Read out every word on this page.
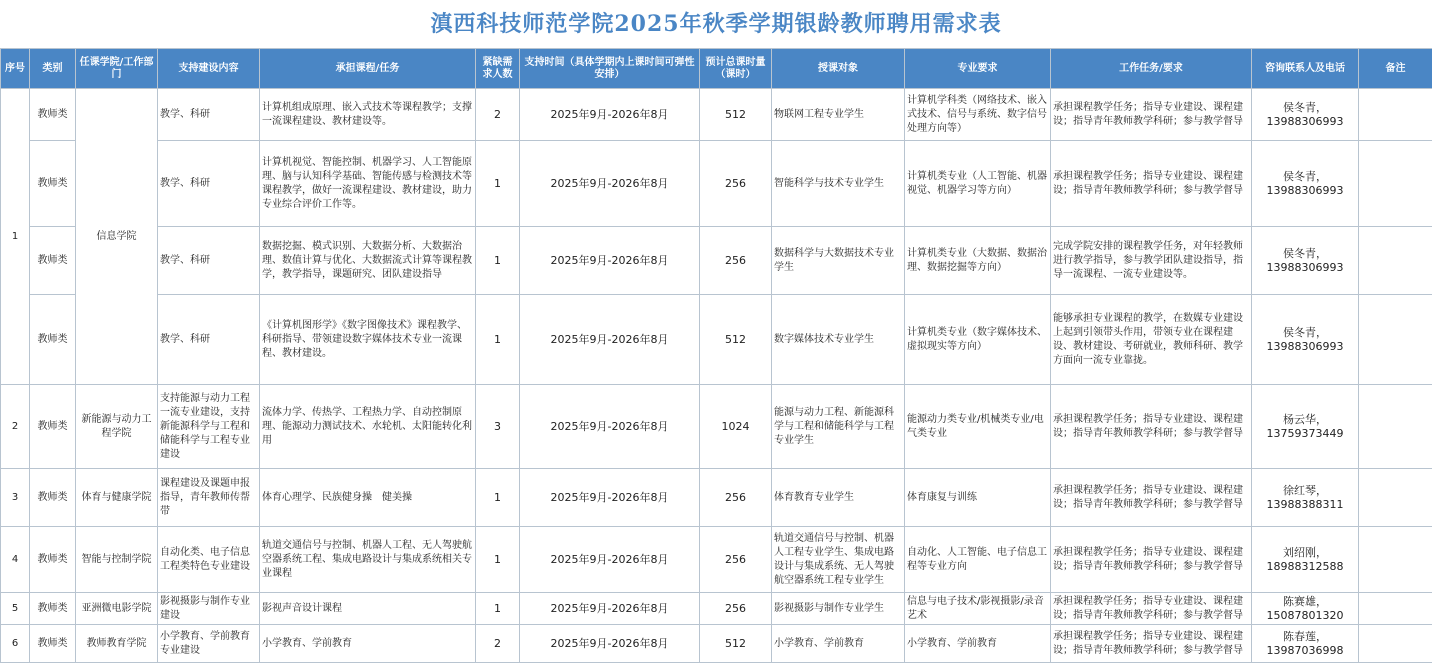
滇西科技师范学院2025年秋季学期银龄教师聘用需求表
序号	类别	任课学院/工作部门	支持建设内容	承担课程/任务	紧缺需求人数	支持时间（具体学期内上课时间可弹性安排）	预计总课时量（课时）	授课对象	专业要求	工作任务/要求	咨询联系人及电话	备注
1	教师类	信息学院	教学、科研	计算机组成原理、嵌入式技术等课程教学；支撑一流课程建设、教材建设等。	2	2025年9月-2026年8月	512	物联网工程专业学生	计算机学科类（网络技术、嵌入式技术、信号与系统、数字信号处理方向等）	承担课程教学任务；指导专业建设、课程建设；指导青年教师教学科研；参与教学督导	侯冬青，13988306993	
	教师类		教学、科研	计算机视觉、智能控制、机器学习、人工智能原理、脑与认知科学基础、智能传感与检测技术等课程教学，做好一流课程建设、教材建设，助力专业综合评价工作等。	1	2025年9月-2026年8月	256	智能科学与技术专业学生	计算机类专业（人工智能、机器视觉、机器学习等方向）	承担课程教学任务；指导专业建设、课程建设；指导青年教师教学科研；参与教学督导	侯冬青，13988306993	
	教师类		教学、科研	数据挖掘、模式识别、大数据分析、大数据治理、数值计算与优化、大数据流式计算等课程教学，教学指导，课题研究、团队建设指导	1	2025年9月-2026年8月	256	数据科学与大数据技术专业学生	计算机类专业（大数据、数据治理、数据挖掘等方向）	完成学院安排的课程教学任务，对年轻教师进行教学指导，参与教学团队建设指导，指导一流课程、一流专业建设等。	侯冬青，13988306993	
	教师类		教学、科研	《计算机图形学》《数字图像技术》课程教学、科研指导、带领建设数字媒体技术专业一流课程、教材建设。	1	2025年9月-2026年8月	512	数字媒体技术专业学生	计算机类专业（数字媒体技术、虚拟现实等方向）	能够承担专业课程的教学，在数媒专业建设上起到引领带头作用，带领专业在课程建设、教材建设、考研就业，教师科研、教学方面向一流专业靠拢。	侯冬青，13988306993	
2	教师类	新能源与动力工程学院	支持能源与动力工程一流专业建设，支持新能源科学与工程和储能科学与工程专业建设	流体力学、传热学、工程热力学、自动控制原理、能源动力测试技术、水轮机、太阳能转化利用	3	2025年9月-2026年8月	1024	能源与动力工程、新能源科学与工程和储能科学与工程专业学生	能源动力类专业/机械类专业/电气类专业	承担课程教学任务；指导专业建设、课程建设；指导青年教师教学科研；参与教学督导	杨云华，13759373449	
3	教师类	体育与健康学院	课程建设及课题申报指导，青年教师传帮带	体育心理学、民族健身操　健美操	1	2025年9月-2026年8月	256	体育教育专业学生	体育康复与训练	承担课程教学任务；指导专业建设、课程建设；指导青年教师教学科研；参与教学督导	徐红琴，13988388311	
4	教师类	智能与控制学院	自动化类、电子信息工程类特色专业建设	轨道交通信号与控制、机器人工程、无人驾驶航空器系统工程、集成电路设计与集成系统相关专业课程	1	2025年9月-2026年8月	256	轨道交通信号与控制、机器人工程专业学生、集成电路设计与集成系统、无人驾驶航空器系统工程专业学生	自动化、人工智能、电子信息工程等专业方向	承担课程教学任务；指导专业建设、课程建设；指导青年教师教学科研；参与教学督导	刘绍刚，18988312588	
5	教师类	亚洲微电影学院	影视摄影与制作专业建设	影视声音设计课程	1	2025年9月-2026年8月	256	影视摄影与制作专业学生	信息与电子技术/影视摄影/录音艺术	承担课程教学任务；指导专业建设、课程建设；指导青年教师教学科研；参与教学督导	陈赛雄，15087801320	
6	教师类	教师教育学院	小学教育、学前教育专业建设	小学教育、学前教育	2	2025年9月-2026年8月	512	小学教育、学前教育	小学教育、学前教育	承担课程教学任务；指导专业建设、课程建设；指导青年教师教学科研；参与教学督导	陈春莲，13987036998	
